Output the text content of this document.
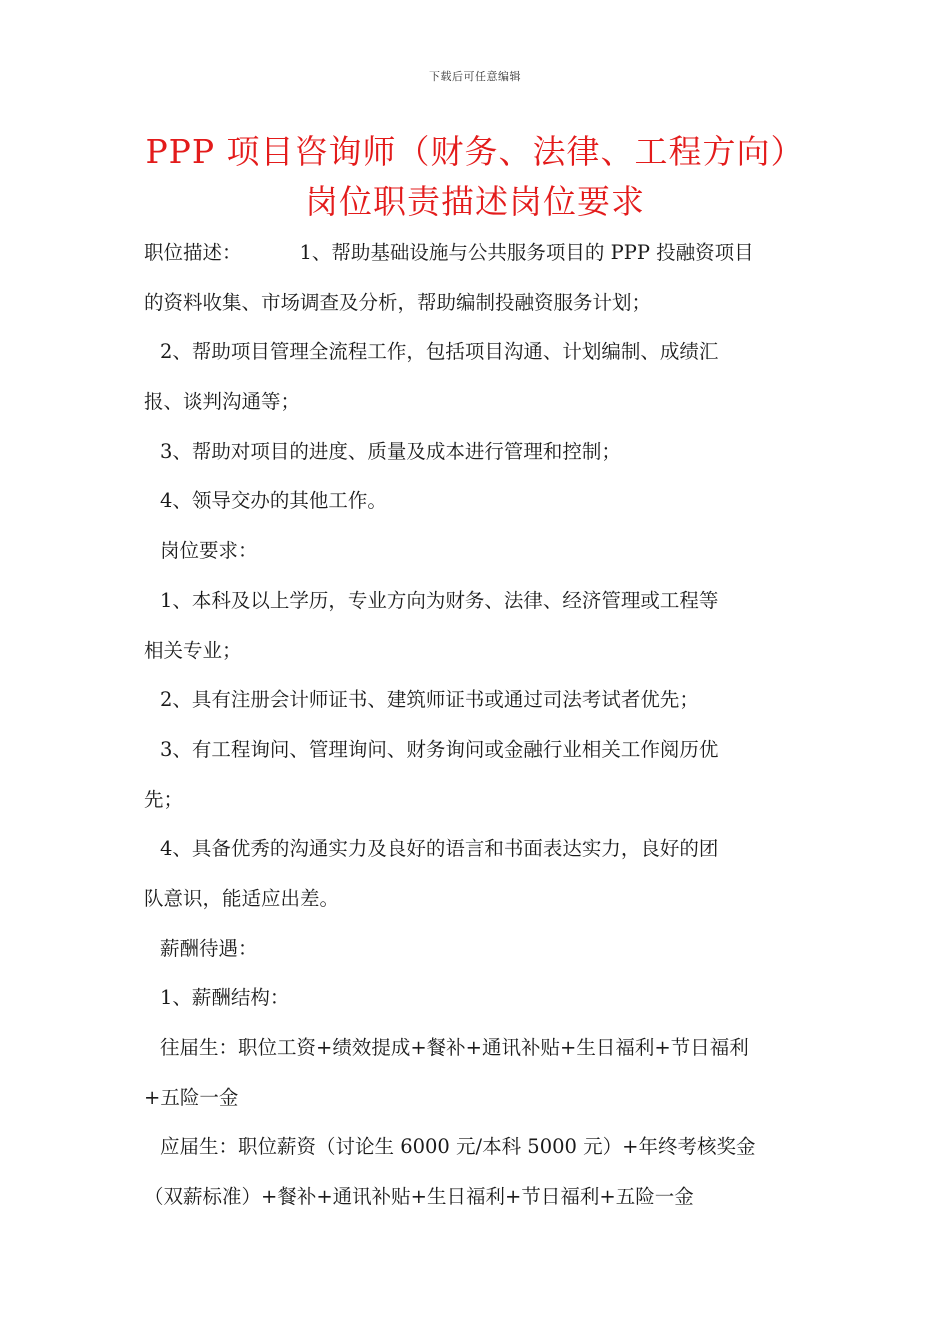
下载后可任意编辑
PPP 项目咨询师（财务、法律、工程方向）
岗位职责描述岗位要求
职位描述：	1、帮助基础设施与公共服务项目的 PPP 投融资项目
的资料收集、市场调查及分析，帮助编制投融资服务计划；
2、帮助项目管理全流程工作，包括项目沟通、计划编制、成绩汇
报、谈判沟通等；
3、帮助对项目的进度、质量及成本进行管理和控制；
4、领导交办的其他工作。
岗位要求：
1、本科及以上学历，专业方向为财务、法律、经济管理或工程等
相关专业；
2、具有注册会计师证书、建筑师证书或通过司法考试者优先；
3、有工程询问、管理询问、财务询问或金融行业相关工作阅历优
先；
4、具备优秀的沟通实力及良好的语言和书面表达实力，良好的团
队意识，能适应出差。
薪酬待遇：
1、薪酬结构：
往届生：职位工资+绩效提成+餐补+通讯补贴+生日福利+节日福利
+五险一金
应届生：职位薪资（讨论生 6000 元/本科 5000 元）+年终考核奖金
（双薪标准）+餐补+通讯补贴+生日福利+节日福利+五险一金
